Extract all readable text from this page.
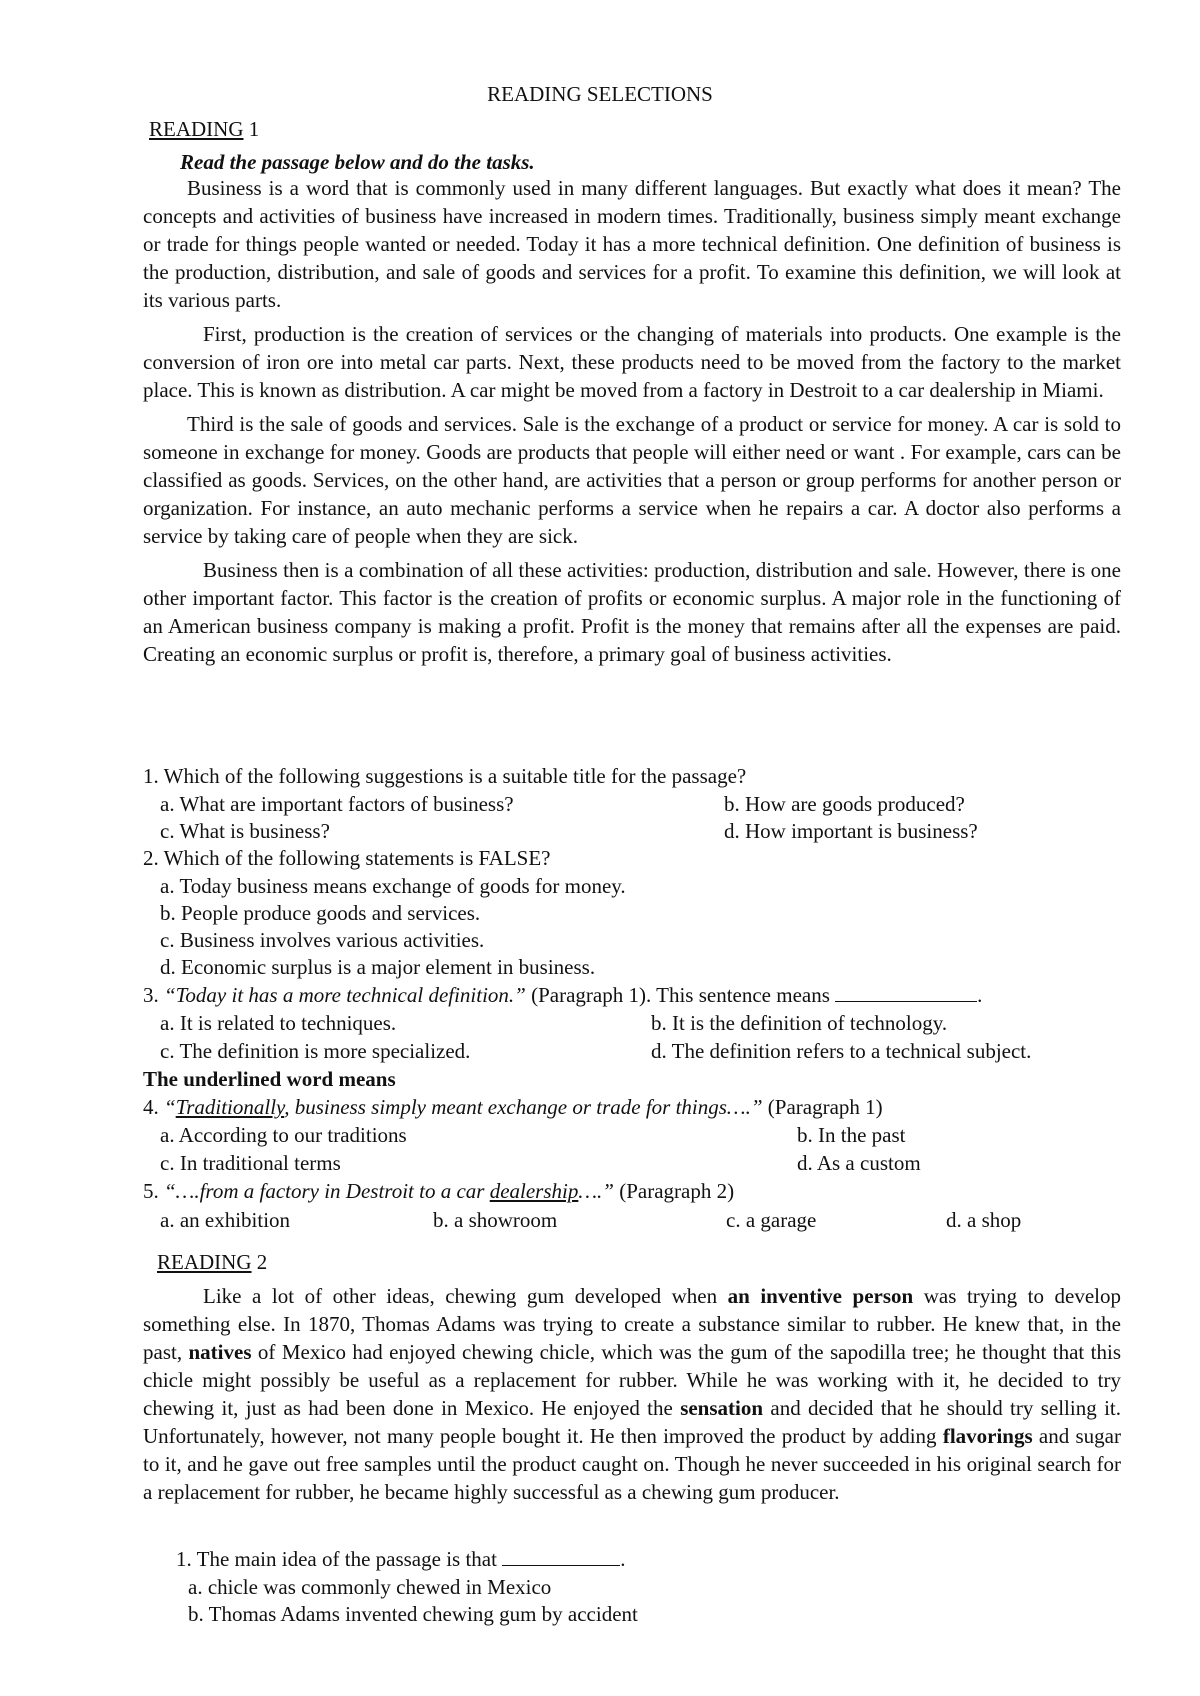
READING SELECTIONS
READING 1
Read the passage below and do the tasks.

Business is a word that is commonly used in many different languages. But exactly what does it mean? The concepts and activities of business have increased in modern times. Traditionally, business simply meant exchange or trade for things people wanted or needed. Today it has a more technical definition. One definition of business is the production, distribution, and sale of goods and services for a profit. To examine this definition, we will look at its various parts.

First, production is the creation of services or the changing of materials into products. One example is the conversion of iron ore into metal car parts. Next, these products need to be moved from the factory to the market place. This is known as distribution. A car might be moved from a factory in Destroit to a car dealership in Miami.

Third is the sale of goods and services. Sale is the exchange of a product or service for money. A car is sold to someone in exchange for money. Goods are products that people will either need or want . For example, cars can be classified as goods. Services, on the other hand, are activities that a person or group performs for another person or organization. For instance, an auto mechanic performs a service when he repairs a car. A doctor also performs a service by taking care of people when they are sick.

Business then is a combination of all these activities: production, distribution and sale. However, there is one other important factor. This factor is the creation of profits or economic surplus. A major role in the functioning of an American business company is making a profit. Profit is the money that remains after all the expenses are paid. Creating an economic surplus or profit is, therefore, a primary goal of business activities.

1. Which of the following suggestions is a suitable title for the passage?
a. What are important factors of business?	b. How are goods produced?
c. What is business?	d. How important is business?
2. Which of the following statements is FALSE?
a. Today business means exchange of goods for money.
b. People produce goods and services.
c. Business involves various activities.
d. Economic surplus is a major element in business.
3. “Today it has a more technical definition.” (Paragraph 1). This sentence means	.
a. It is related to techniques.	b. It is the definition of technology.
c. The definition is more specialized.	d. The definition refers to a technical subject.
The underlined word means
4. “Traditionally, business simply meant exchange or trade for things….” (Paragraph 1)
a. According to our traditions	b. In the past
c. In traditional terms	d. As a custom
5. “….from a factory in Destroit to a car dealership….” (Paragraph 2)
a. an exhibition	b. a showroom	c. a garage	d. a shop
READING 2

Like a lot of other ideas, chewing gum developed when an inventive person was trying to develop something else. In 1870, Thomas Adams was trying to create a substance similar to rubber. He knew that, in the past, natives of Mexico had enjoyed chewing chicle, which was the gum of the sapodilla tree; he thought that this chicle might possibly be useful as a replacement for rubber. While he was working with it, he decided to try chewing it, just as had been done in Mexico. He enjoyed the sensation and decided that he should try selling it. Unfortunately, however, not many people bought it. He then improved the product by adding flavorings and sugar to it, and he gave out free samples until the product caught on. Though he never succeeded in his original search for a replacement for rubber, he became highly successful as a chewing gum producer.

1. The main idea of the passage is that	.
a. chicle was commonly chewed in Mexico
b. Thomas Adams invented chewing gum by accident
